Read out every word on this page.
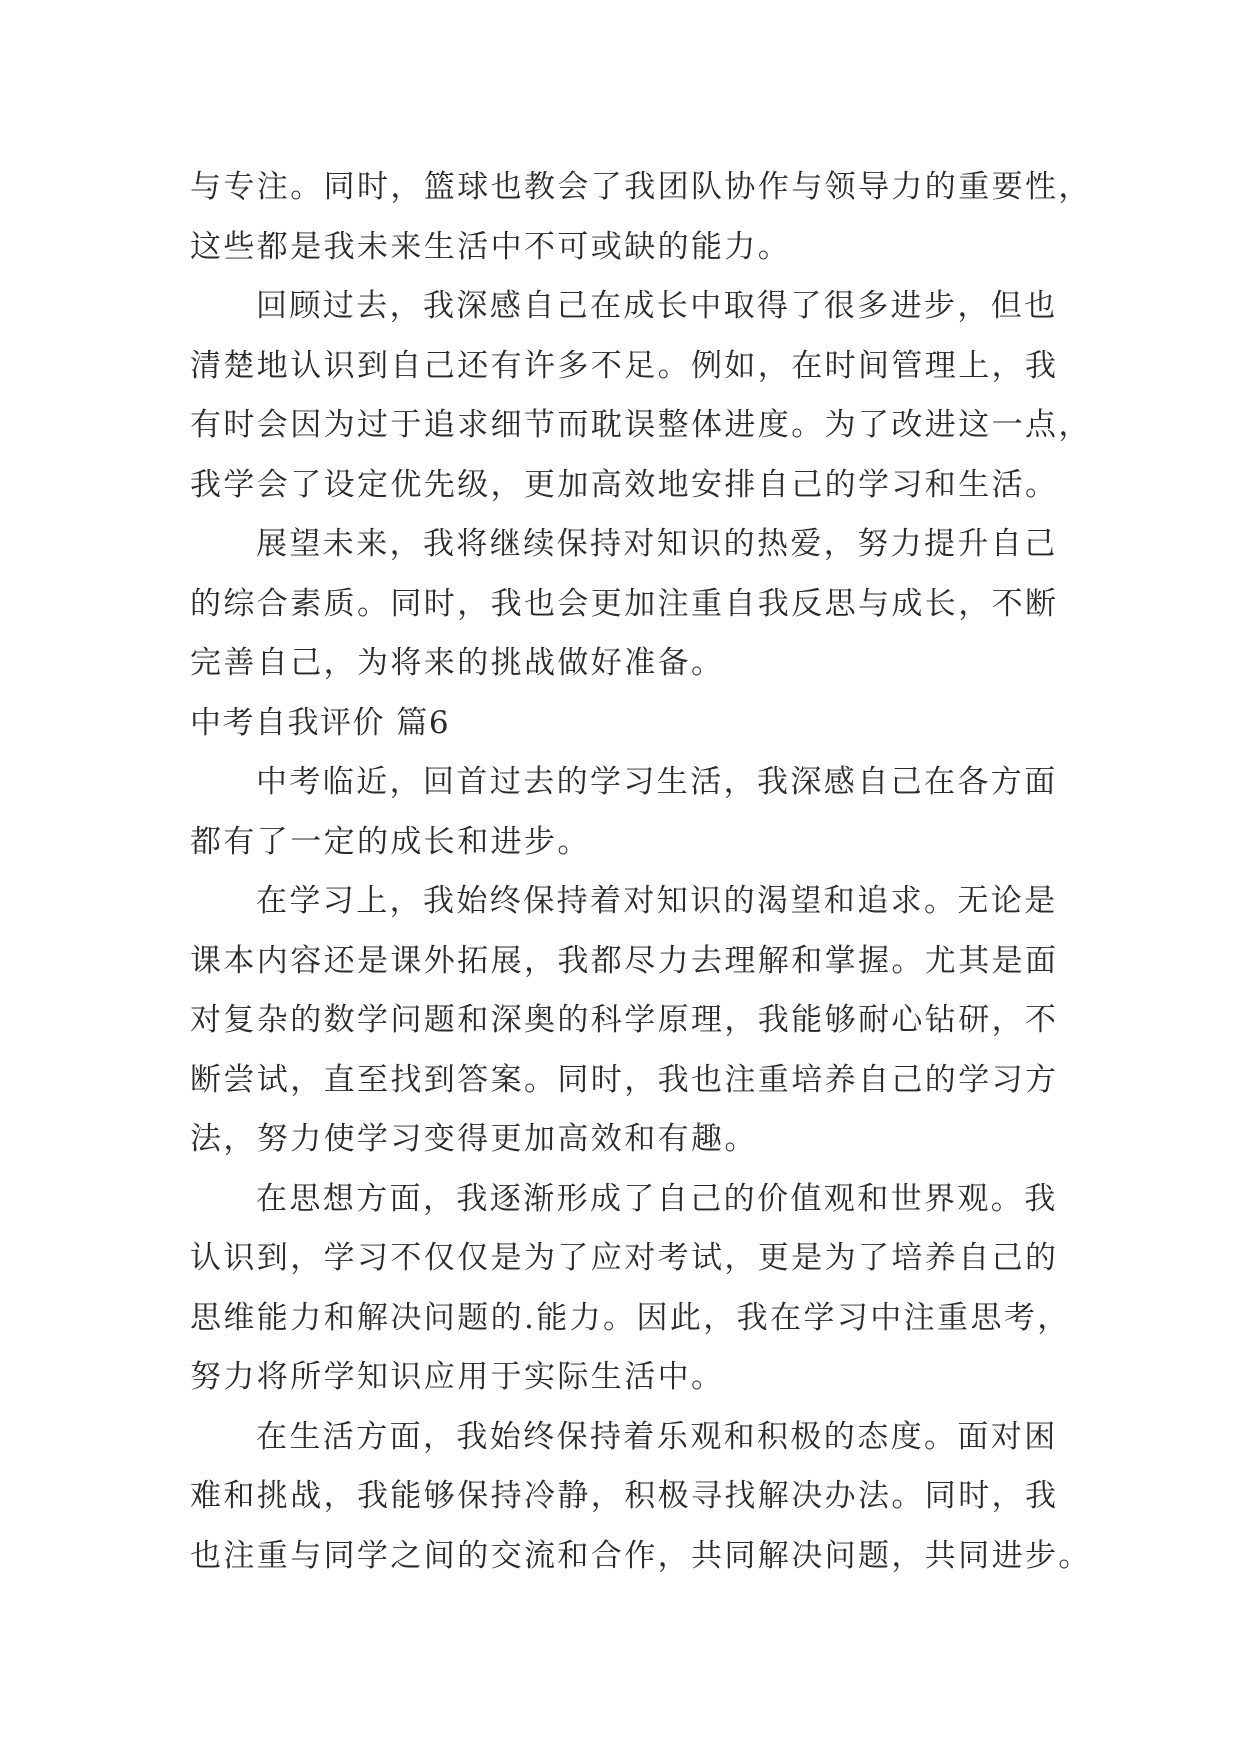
与专注。同时，篮球也教会了我团队协作与领导力的重要性，
这些都是我未来生活中不可或缺的能力。
回顾过去，我深感自己在成长中取得了很多进步，但也
清楚地认识到自己还有许多不足。例如，在时间管理上，我
有时会因为过于追求细节而耽误整体进度。为了改进这一点，
我学会了设定优先级，更加高效地安排自己的学习和生活。
展望未来，我将继续保持对知识的热爱，努力提升自己
的综合素质。同时，我也会更加注重自我反思与成长，不断
完善自己，为将来的挑战做好准备。
中考自我评价 篇6
中考临近，回首过去的学习生活，我深感自己在各方面
都有了一定的成长和进步。
在学习上，我始终保持着对知识的渴望和追求。无论是
课本内容还是课外拓展，我都尽力去理解和掌握。尤其是面
对复杂的数学问题和深奥的科学原理，我能够耐心钻研，不
断尝试，直至找到答案。同时，我也注重培养自己的学习方
法，努力使学习变得更加高效和有趣。
在思想方面，我逐渐形成了自己的价值观和世界观。我
认识到，学习不仅仅是为了应对考试，更是为了培养自己的
思维能力和解决问题的.能力。因此，我在学习中注重思考，
努力将所学知识应用于实际生活中。
在生活方面，我始终保持着乐观和积极的态度。面对困
难和挑战，我能够保持冷静，积极寻找解决办法。同时，我
也注重与同学之间的交流和合作，共同解决问题，共同进步。
